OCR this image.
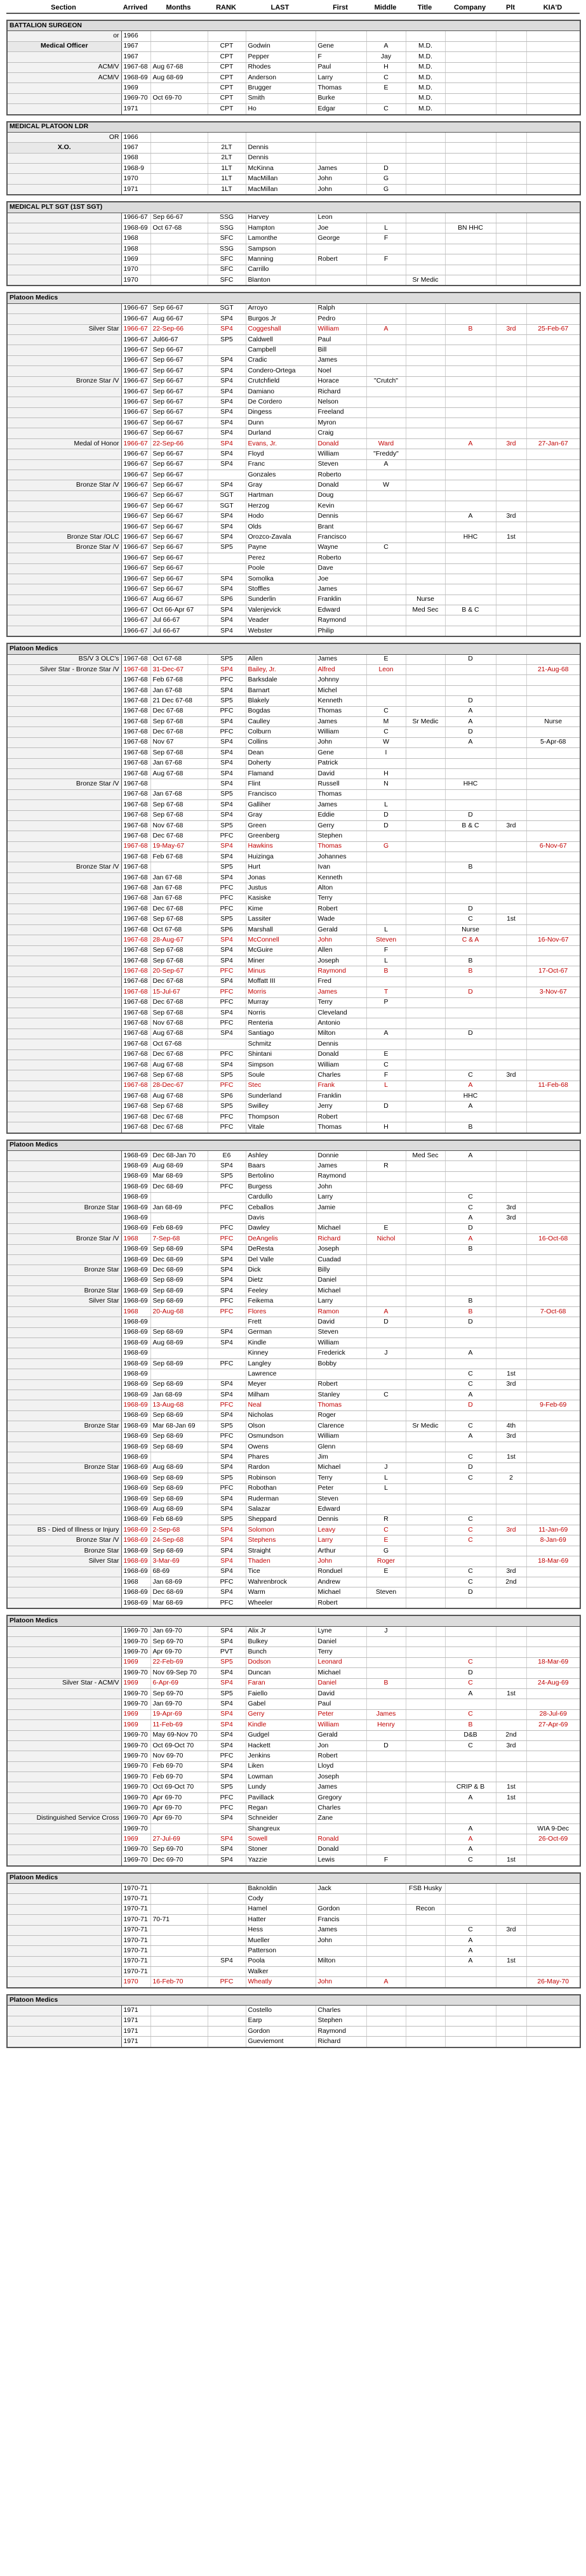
Section	Arrived	Months	RANK	LAST	First	Middle	Title	Company	Plt	KIA'D
BATTALION SURGEON										
or	1966									
Medical Officer	1967		CPT	Godwin	Gene	A	M.D.			
	1967		CPT	Pepper	F	Jay	M.D.			
ACM/V	1967-68	Aug 67-68	CPT	Rhodes	Paul	H	M.D.			
ACM/V	1968-69	Aug 68-69	CPT	Anderson	Larry	C	M.D.			
	1969		CPT	Brugger	Thomas	E	M.D.			
	1969-70	Oct 69-70	CPT	Smith	Burke		M.D.			
	1971		CPT	Ho	Edgar	C	M.D.			
MEDICAL PLATOON LDR										
OR	1966									
X.O.	1967		2LT	Dennis						
	1968		2LT	Dennis						
	1968-9		1LT	McKinna	James	D				
	1970		1LT	MacMillan	John	G				
	1971		1LT	MacMillan	John	G				
MEDICAL PLT SGT (1ST SGT)										
	1966-67	Sep 66-67	SSG	Harvey	Leon					
	1968-69	Oct 67-68	SSG	Hampton	Joe	L		BN HHC		
	1968		SFC	Lamonthe	George	F				
	1968		SSG	Sampson						
	1969		SFC	Manning	Robert	F				
	1970		SFC	Carrillo						
	1970		SFC	Blanton			Sr Medic			
Platoon Medics										
	1966-67	Sep 66-67	SGT	Arroyo	Ralph					
	1966-67	Aug 66-67	SP4	Burgos Jr	Pedro					
Silver Star	1966-67	22-Sep-66	SP4	Coggeshall	William	A		B	3rd	25-Feb-67
	1966-67	Jul66-67	SP5	Caldwell	Paul					
	1966-67	Sep 66-67		Campbell	Bill					
	1966-67	Sep 66-67	SP4	Cradic	James					
	1966-67	Sep 66-67	SP4	Condero-Ortega	Noel					
Bronze Star /V	1966-67	Sep 66-67	SP4	Crutchfield	Horace	"Crutch"				
	1966-67	Sep 66-67	SP4	Damiano	Richard					
	1966-67	Sep 66-67	SP4	De Cordero	Nelson					
	1966-67	Sep 66-67	SP4	Dingess	Freeland					
	1966-67	Sep 66-67	SP4	Dunn	Myron					
	1966-67	Sep 66-67	SP4	Durland	Craig					
Medal of Honor	1966-67	22-Sep-66	SP4	Evans, Jr.	Donald	Ward		A	3rd	27-Jan-67
	1966-67	Sep 66-67	SP4	Floyd	William	"Freddy"				
	1966-67	Sep 66-67	SP4	Franc	Steven	A				
	1966-67	Sep 66-67		Gonzales	Roberto					
Bronze Star /V	1966-67	Sep 66-67	SP4	Gray	Donald	W				
	1966-67	Sep 66-67	SGT	Hartman	Doug					
	1966-67	Sep 66-67	SGT	Herzog	Kevin					
	1966-67	Sep 66-67	SP4	Hodo	Dennis			A	3rd	
	1966-67	Sep 66-67	SP4	Olds	Brant					
Bronze Star /OLC	1966-67	Sep 66-67	SP4	Orozco-Zavala	Francisco			HHC	1st	
Bronze Star /V	1966-67	Sep 66-67	SP5	Payne	Wayne	C				
	1966-67	Sep 66-67		Perez	Roberto					
	1966-67	Sep 66-67		Poole	Dave					
	1966-67	Sep 66-67	SP4	Somolka	Joe					
	1966-67	Sep 66-67	SP4	Stoffles	James					
	1966-67	Aug 66-67	SP6	Sunderlin	Franklin		Nurse			
	1966-67	Oct 66-Apr 67	SP4	Valenjevick	Edward		Med Sec	B & C		
	1966-67	Jul 66-67	SP4	Veader	Raymond					
	1966-67	Jul 66-67	SP4	Webster	Philip					
Platoon Medics										
BS/V 3 OLC's	1967-68	Oct 67-68	SP5	Allen	James	E		D		
Silver Star - Bronze Star /V	1967-68	31-Dec-67	SP4	Bailey, Jr.	Alfred	Leon				21-Aug-68
	1967-68	Feb 67-68	PFC	Barksdale	Johnny					
	1967-68	Jan 67-68	SP4	Barnart	Michel					
	1967-68	21 Dec 67-68	SP5	Blakely	Kenneth			D		
	1967-68	Dec 67-68	PFC	Bogdas	Thomas	C		A		
	1967-68	Sep 67-68	SP4	Caulley	James	M	Sr Medic	A		Nurse
	1967-68	Dec 67-68	PFC	Colburn	William	C		D		
	1967-68	Nov 67	SP4	Collins	John	W		A		5-Apr-68
	1967-68	Sep 67-68	SP4	Dean	Gene	I				
	1967-68	Jan 67-68	SP4	Doherty	Patrick					
	1967-68	Aug 67-68	SP4	Flamand	David	H				
Bronze Star /V	1967-68		SP4	Flint	Russell	N		HHC		
	1967-68	Jan 67-68	SP5	Francisco	Thomas					
	1967-68	Sep 67-68	SP4	Galliher	James	L				
	1967-68	Sep 67-68	SP4	Gray	Eddie	D		D		
	1967-68	Nov 67-68	SP5	Green	Gerry	D		B & C	3rd	
	1967-68	Dec 67-68	PFC	Greenberg	Stephen					
	1967-68	19-May-67	SP4	Hawkins	Thomas	G				6-Nov-67
	1967-68	Feb 67-68	SP4	Huizinga	Johannes					
Bronze Star /V	1967-68		SP5	Hurt	Ivan			B		
	1967-68	Jan 67-68	SP4	Jonas	Kenneth					
	1967-68	Jan 67-68	PFC	Justus	Alton					
	1967-68	Jan 67-68	PFC	Kasiske	Terry					
	1967-68	Dec 67-68	PFC	Kime	Robert			D		
	1967-68	Sep 67-68	SP5	Lassiter	Wade			C	1st	
	1967-68	Oct 67-68	SP6	Marshall	Gerald	L		Nurse		
	1967-68	28-Aug-67	SP4	McConnell	John	Steven		C & A		16-Nov-67
	1967-68	Sep 67-68	SP4	McGuire	Allen	F				
	1967-68	Sep 67-68	SP4	Miner	Joseph	L		B		
	1967-68	20-Sep-67	PFC	Minus	Raymond	B		B		17-Oct-67
	1967-68	Dec 67-68	SP4	Moffatt III	Fred					
	1967-68	15-Jul-67	PFC	Morris	James	T		D		3-Nov-67
	1967-68	Dec 67-68	PFC	Murray	Terry	P				
	1967-68	Sep 67-68	SP4	Norris	Cleveland					
	1967-68	Nov 67-68	PFC	Renteria	Antonio					
	1967-68	Aug 67-68	SP4	Santiago	Milton	A		D		
	1967-68	Oct 67-68		Schmitz	Dennis					
	1967-68	Dec 67-68	PFC	Shintani	Donald	E				
	1967-68	Aug 67-68	SP4	Simpson	William	C				
	1967-68	Sep 67-68	SP5	Soule	Charles	F		C	3rd	
	1967-68	28-Dec-67	PFC	Stec	Frank	L		A		11-Feb-68
	1967-68	Aug 67-68	SP6	Sunderland	Franklin			HHC		
	1967-68	Sep 67-68	SP5	Swilley	Jerry	D		A		
	1967-68	Dec 67-68	PFC	Thompson	Robert					
	1967-68	Dec 67-68	PFC	Vitale	Thomas	H		B		
Platoon Medics										
	1968-69	Dec 68-Jan 70	E6	Ashley	Donnie		Med Sec	A		
	1968-69	Aug 68-69	SP4	Baars	James	R				
	1968-69	Mar 68-69	SP5	Bertolino	Raymond					
	1968-69	Dec 68-69	PFC	Burgess	John					
	1968-69			Cardullo	Larry			C		
Bronze Star	1968-69	Jan 68-69	PFC	Ceballos	Jamie			C	3rd	
	1968-69			Davis				A	3rd	
	1968-69	Feb 68-69	PFC	Dawley	Michael	E		D		
Bronze Star /V	1968	7-Sep-68	PFC	DeAngelis	Richard	Nichol		A		16-Oct-68
	1968-69	Sep 68-69	SP4	DeResta	Joseph			B		
	1968-69	Dec 68-69	SP4	Del Valle	Cuadad					
Bronze Star	1968-69	Dec 68-69	SP4	Dick	Billy					
	1968-69	Sep 68-69	SP4	Dietz	Daniel					
Bronze Star	1968-69	Sep 68-69	SP4	Feeley	Michael					
Silver Star	1968-69	Sep 68-69	PFC	Feikema	Larry			B		
	1968	20-Aug-68	PFC	Flores	Ramon	A		B		7-Oct-68
	1968-69			Frett	David	D		D		
	1968-69	Sep 68-69	SP4	German	Steven					
	1968-69	Aug 68-69	SP4	Kindle	William					
	1968-69			Kinney	Frederick	J		A		
	1968-69	Sep 68-69	PFC	Langley	Bobby					
	1968-69			Lawrence				C	1st	
	1968-69	Sep 68-69	SP4	Meyer	Robert			C	3rd	
	1968-69	Jan 68-69	SP4	Milham	Stanley	C		A		
	1968-69	13-Aug-68	PFC	Neal	Thomas			D		9-Feb-69
	1968-69	Sep 68-69	SP4	Nicholas	Roger					
Bronze Star	1968-69	Mar 68-Jan 69	SP5	Olson	Clarence		Sr Medic	C	4th	
	1968-69	Sep 68-69	PFC	Osmundson	William			A	3rd	
	1968-69	Sep 68-69	SP4	Owens	Glenn					
	1968-69		SP4	Phares	Jim			C	1st	
Bronze Star	1968-69	Aug 68-69	SP4	Rardon	Michael	J		D		
	1968-69	Sep 68-69	SP5	Robinson	Terry	L		C	2	
	1968-69	Sep 68-69	PFC	Robothan	Peter	L				
	1968-69	Sep 68-69	SP4	Ruderman	Steven					
	1968-69	Aug 68-69	SP4	Salazar	Edward					
	1968-69	Feb 68-69	SP5	Sheppard	Dennis	R		C		
BS - Died of Illness or Injury	1968-69	2-Sep-68	SP4	Solomon	Leavy	C		C	3rd	11-Jan-69
Bronze Star /V	1968-69	24-Sep-68	SP4	Stephens	Larry	E		C		8-Jan-69
Bronze Star	1968-69	Sep 68-69	SP4	Straight	Arthur	G				
Silver Star	1968-69	3-Mar-69	SP4	Thaden	John	Roger				18-Mar-69
	1968-69	68-69	SP4	Tice	Ronduel	E		C	3rd	
	1968	Jan 68-69	PFC	Wahrenbrock	Andrew			C	2nd	
	1968-69	Dec 68-69	SP4	Warm	Michael	Steven		D		
	1968-69	Mar 68-69	PFC	Wheeler	Robert					
Platoon Medics										
	1969-70	Jan 69-70	SP4	Alix Jr	Lyne	J				
	1969-70	Sep 69-70	SP4	Bulkey	Daniel					
	1969-70	Apr 69-70	PVT	Bunch	Terry					
	1969	22-Feb-69	SP5	Dodson	Leonard			C		18-Mar-69
	1969-70	Nov 69-Sep 70	SP4	Duncan	Michael			D		
Silver Star - ACM/V	1969	6-Apr-69	SP4	Faran	Daniel	B		C		24-Aug-69
	1969-70	Sep 69-70	SP5	Faiello	David			A	1st	
	1969-70	Jan 69-70	SP4	Gabel	Paul					
	1969	19-Apr-69	SP4	Gerry	Peter	James		C		28-Jul-69
	1969	11-Feb-69	SP4	Kindle	William	Henry		B		27-Apr-69
	1969-70	May 69-Nov 70	SP4	Gudgel	Gerald			D&B	2nd	
	1969-70	Oct 69-Oct 70	SP4	Hackett	Jon	D		C	3rd	
	1969-70	Nov 69-70	PFC	Jenkins	Robert					
	1969-70	Feb 69-70	SP4	Liken	Lloyd					
	1969-70	Feb 69-70	SP4	Lowman	Joseph					
	1969-70	Oct 69-Oct 70	SP5	Lundy	James			CRIP & B	1st	
	1969-70	Apr 69-70	PFC	Pavillack	Gregory			A	1st	
	1969-70	Apr 69-70	PFC	Regan	Charles					
Distinguished Service Cross	1969-70	Apr 69-70	SP4	Schneider	Zane					
	1969-70			Shangreux				A		WIA 9-Dec
	1969	27-Jul-69	SP4	Sowell	Ronald			A		26-Oct-69
	1969-70	Sep 69-70	SP4	Stoner	Donald			A		
	1969-70	Dec 69-70	SP4	Yazzie	Lewis	F		C	1st	
Platoon Medics										
	1970-71			Baknoldin	Jack		FSB Husky			
	1970-71			Cody						
	1970-71			Hamel	Gordon		Recon			
	1970-71	70-71		Hatter	Francis					
	1970-71			Hess	James			C	3rd	
	1970-71			Mueller	John			A		
	1970-71			Patterson				A		
	1970-71		SP4	Poola	Milton			A	1st	
	1970-71			Walker						
	1970	16-Feb-70	PFC	Wheatly	John	A				26-May-70
Platoon Medics										
	1971			Costello	Charles					
	1971			Earp	Stephen					
	1971			Gordon	Raymond					
	1971			Gueviemont	Richard					
